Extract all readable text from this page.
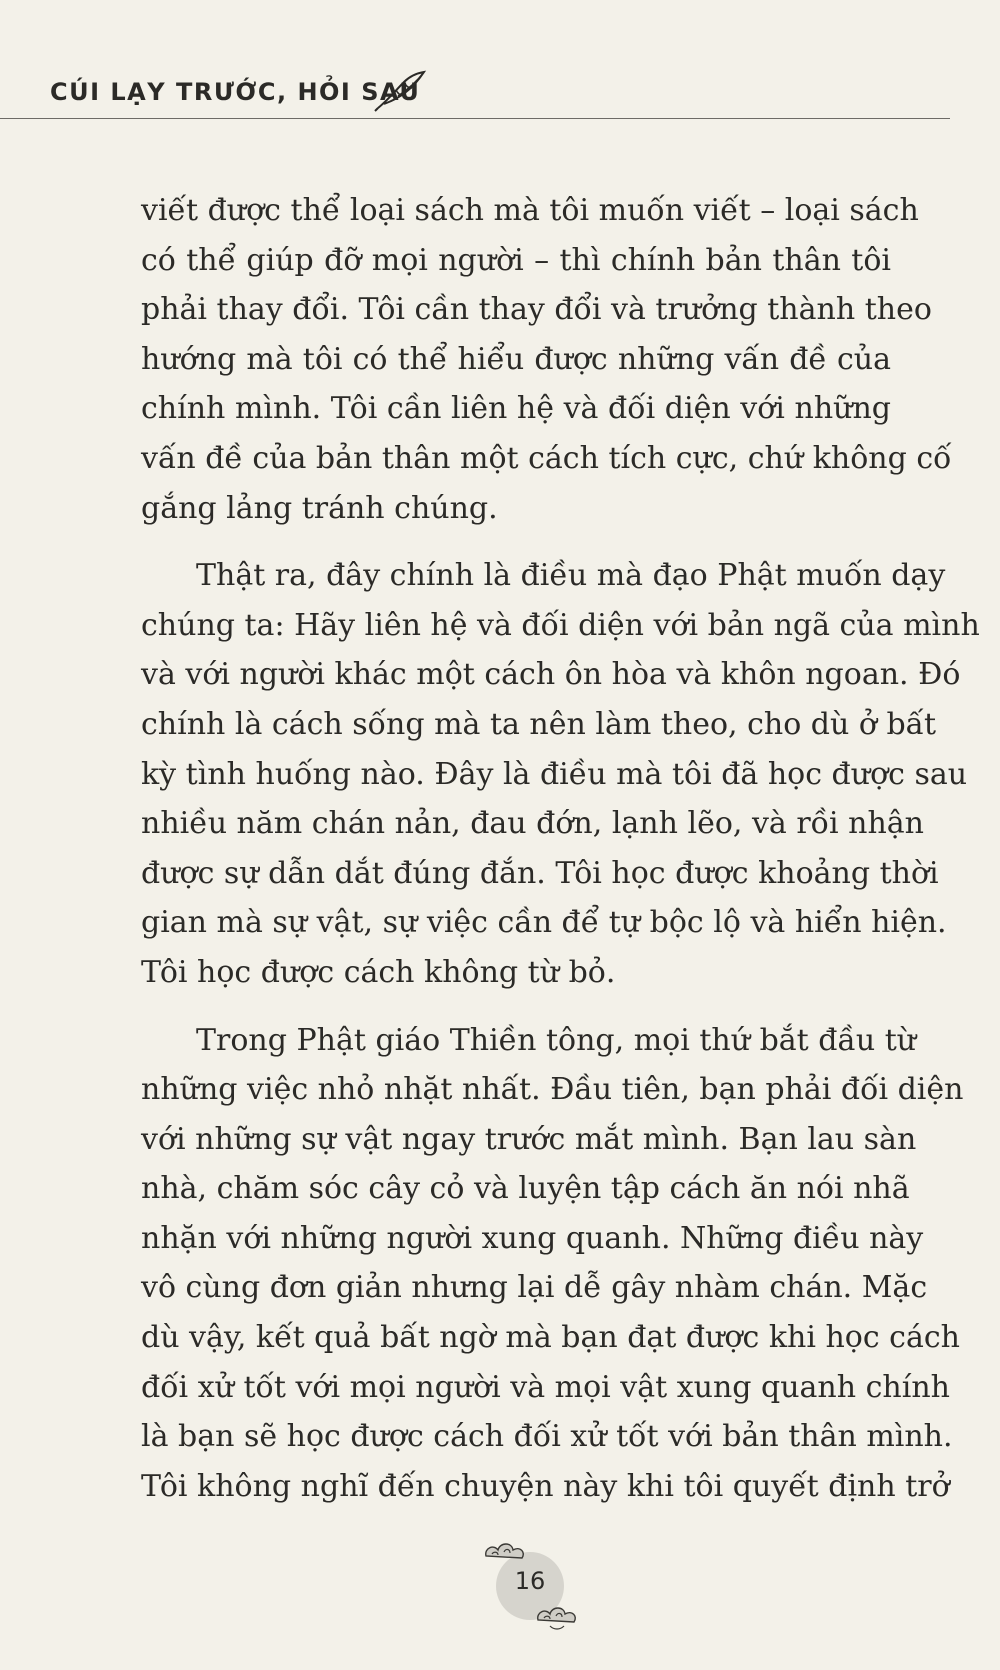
CÚI LẠY TRƯỚC, HỎI SAU
viết được thể loại sách mà tôi muốn viết – loại sách
có thể giúp đỡ mọi người – thì chính bản thân tôi
phải thay đổi. Tôi cần thay đổi và trưởng thành theo
hướng mà tôi có thể hiểu được những vấn đề của
chính mình. Tôi cần liên hệ và đối diện với những
vấn đề của bản thân một cách tích cực, chứ không cố
gắng lảng tránh chúng.
Thật ra, đây chính là điều mà đạo Phật muốn dạy
chúng ta: Hãy liên hệ và đối diện với bản ngã của mình
và với người khác một cách ôn hòa và khôn ngoan. Đó
chính là cách sống mà ta nên làm theo, cho dù ở bất
kỳ tình huống nào. Đây là điều mà tôi đã học được sau
nhiều năm chán nản, đau đớn, lạnh lẽo, và rồi nhận
được sự dẫn dắt đúng đắn. Tôi học được khoảng thời
gian mà sự vật, sự việc cần để tự bộc lộ và hiển hiện.
Tôi học được cách không từ bỏ.
Trong Phật giáo Thiền tông, mọi thứ bắt đầu từ
những việc nhỏ nhặt nhất. Đầu tiên, bạn phải đối diện
với những sự vật ngay trước mắt mình. Bạn lau sàn
nhà, chăm sóc cây cỏ và luyện tập cách ăn nói nhã
nhặn với những người xung quanh. Những điều này
vô cùng đơn giản nhưng lại dễ gây nhàm chán. Mặc
dù vậy, kết quả bất ngờ mà bạn đạt được khi học cách
đối xử tốt với mọi người và mọi vật xung quanh chính
là bạn sẽ học được cách đối xử tốt với bản thân mình.
Tôi không nghĩ đến chuyện này khi tôi quyết định trở
16
